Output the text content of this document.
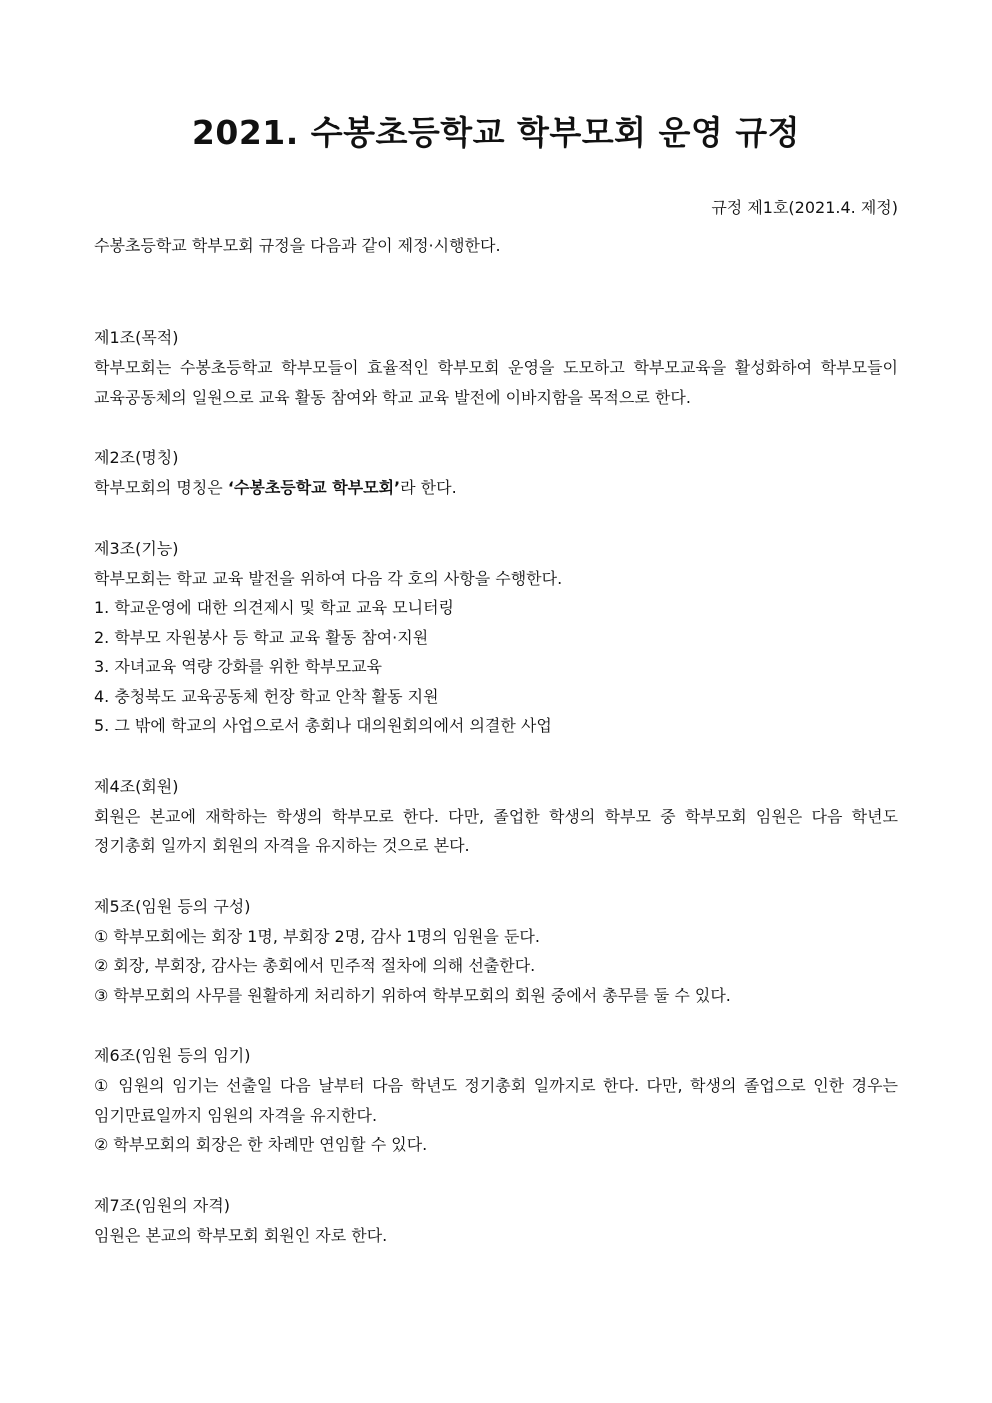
2021. 수봉초등학교 학부모회 운영 규정
규정 제1호(2021.4. 제정)
수봉초등학교 학부모회 규정을 다음과 같이 제정·시행한다.
제1조(목적)
학부모회는 수봉초등학교 학부모들이 효율적인 학부모회 운영을 도모하고 학부모교육을 활성화하여 학부모들이 교육공동체의 일원으로 교육 활동 참여와 학교 교육 발전에 이바지함을 목적으로 한다.
제2조(명칭)
학부모회의 명칭은 ‘수봉초등학교 학부모회’라 한다.
제3조(기능)
학부모회는 학교 교육 발전을 위하여 다음 각 호의 사항을 수행한다.
1. 학교운영에 대한 의견제시 및 학교 교육 모니터링
2. 학부모 자원봉사 등 학교 교육 활동 참여·지원
3. 자녀교육 역량 강화를 위한 학부모교육
4. 충청북도 교육공동체 헌장 학교 안착 활동 지원
5. 그 밖에 학교의 사업으로서 총회나 대의원회의에서 의결한 사업
제4조(회원)
회원은 본교에 재학하는 학생의 학부모로 한다. 다만, 졸업한 학생의 학부모 중 학부모회 임원은 다음 학년도 정기총회 일까지 회원의 자격을 유지하는 것으로 본다.
제5조(임원 등의 구성)
① 학부모회에는 회장 1명, 부회장 2명, 감사 1명의 임원을 둔다.
② 회장, 부회장, 감사는 총회에서 민주적 절차에 의해 선출한다.
③ 학부모회의 사무를 원활하게 처리하기 위하여 학부모회의 회원 중에서 총무를 둘 수 있다.
제6조(임원 등의 임기)
① 임원의 임기는 선출일 다음 날부터 다음 학년도 정기총회 일까지로 한다. 다만, 학생의 졸업으로 인한 경우는 임기만료일까지 임원의 자격을 유지한다.
② 학부모회의 회장은 한 차례만 연임할 수 있다.
제7조(임원의 자격)
임원은 본교의 학부모회 회원인 자로 한다.
